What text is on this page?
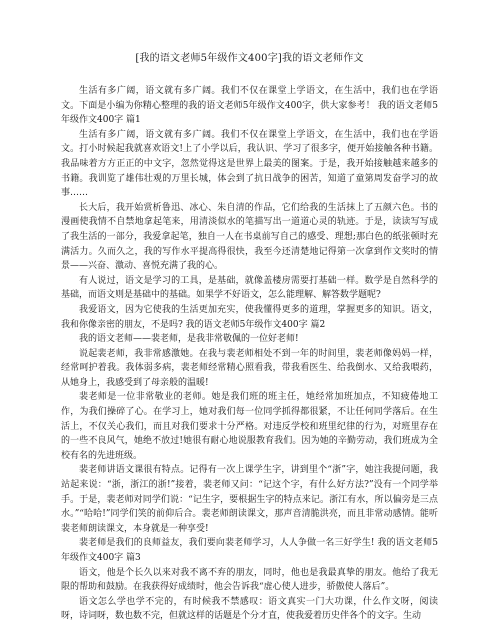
[我的语文老师5年级作文400字]我的语文老师作文

生活有多广阔，语文就有多广阔。我们不仅在课堂上学语文，在生活中，我们也在学语文。下面是小编为你精心整理的我的语文老师5年级作文400字，供大家参考！ 我的语文老师5年级作文400字 篇1

生活有多广阔，语文就有多广阔。我们不仅在课堂上学语文，在生活中，我们也在学语文。打小时候起我就喜欢语文!上了小学以后，我认识、学习了很多字，便开始接触各种书籍。我品味着方方正正的中文字，忽然觉得这是世界上最美的图案。于是，我开始接触越来越多的书籍。我训览了雄伟壮观的万里长城，体会到了抗日战争的困苦，知道了童第周发奋学习的故事……

长大后，我开始赏析鲁迅、冰心、朱自清的作品，它们给我的生活抹上了五颜六色。书的漫画使我情不自禁地拿起笔来，用清淡似水的笔描写出一道道心灵的轨迹。于是，读读写写成了我生活的一部分，我爱拿起笔，独自一人在书桌前写自己的感受、理想;那白色的纸张顿时充满活力。久而久之，我的写作水平提高得很快，我至今还清楚地记得第一次拿到作文奖时的情景——兴奋、激动、喜悦充满了我的心。

有人说过，语文是学习的工具，是基础，就像盖楼房需要打基础一样。数学是自然科学的基础，而语文则是基础中的基础。如果学不好语文，怎么能理解、解答数学题呢?

我爱语文，因为它使我的生活更加充实，使我懂得更多的道理，掌握更多的知识。语文，我和你像亲密的朋友，不是吗? 我的语文老师5年级作文400字 篇2

我的语文老师——裴老师，是我非常敬佩的一位好老师!

说起裴老师，我非常感激她。在我与裴老师相处不到一年的时间里，裴老师像妈妈一样，经常呵护着我。我体弱多病，裴老师经常精心照看我，带我看医生、给我倒水、又给我喂药，从她身上，我感受到了母亲般的温暖!

裴老师是一位非常敬业的老师。她是我们班的班主任，她经常加班加点，不知疲倦地工作，为我们操碎了心。在学习上，她对我们每一位同学抓得都很紧，不让任何同学落后。在生活上，不仅关心我们，而且对我们要求十分严格。对违反学校和班里纪律的行为，对班里存在的一些不良风气，她绝不放过!她很有耐心地说服教育我们。因为她的辛勤劳动，我们班成为全校有名的先进班级。

裴老师讲语文课很有特点。记得有一次上课学生字，讲到里个“浙”字，她注我提问题，我站起来说：“浙，浙江的浙!”接着，裴老师又问：“记这个字，有什么好方法?”没有一个同学举手。于是，裴老师对同学们说：“记生字，要根据生字的特点来记。浙江有水，所以偏旁是三点水。”“哈哈!”同学们笑的前仰后合。裴老师朗读课文，那声音清脆洪亮，而且非常动感情。能听裴老师朗读课文，本身就是一种享受!

裴老师是我们的良师益友，我们要向裴老师学习，人人争做一名三好学生! 我的语文老师5年级作文400字 篇3

语文，他是个长久以来对我不离不弃的朋友，同时，他也是我最真挚的朋友。他给了我无限的帮助和鼓励。在我获得好成绩时，他会告诉我“虚心使人进步，骄傲使人落后”。

语文怎么学也学不完的，有时候我不禁感叹：语文真实一门大功课，什么作文呀，阅读呀，诗词呀，数也数不完，但就这样的话题是个分才直，使我爱着历史伴各个的文字。生动
